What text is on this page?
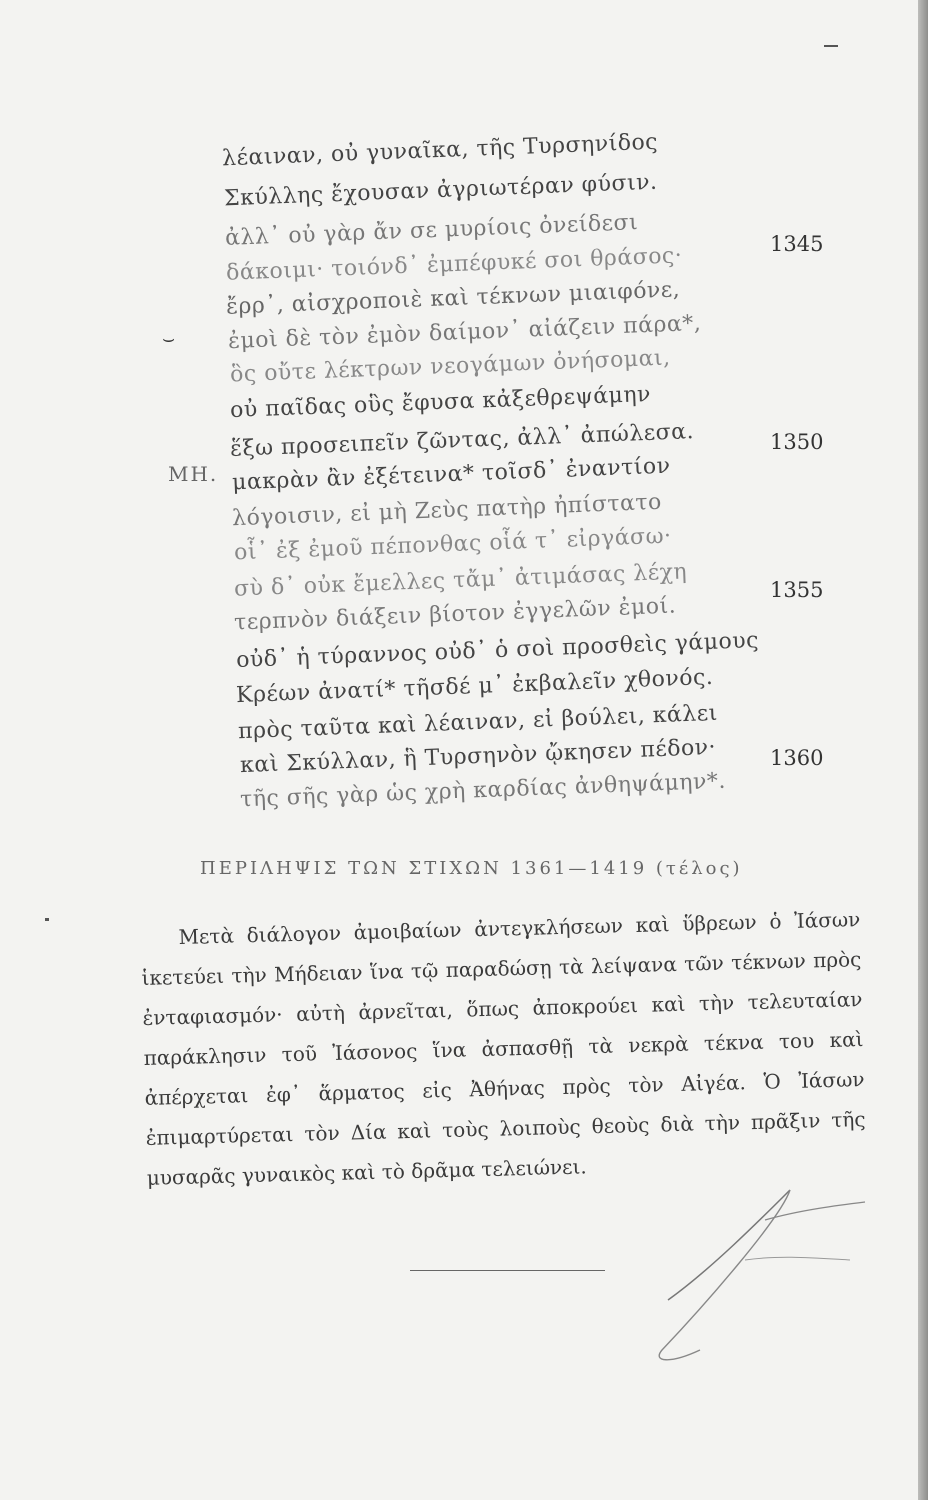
λέαιναν, οὐ γυναῖκα, τῆς Τυρσηνίδος
Σκύλλης ἔχουσαν ἀγριωτέραν φύσιν.
ἀλλ᾽ οὐ γὰρ ἄν σε μυρίοις ὀνείδεσι
δάκοιμι· τοιόνδ᾽ ἐμπέφυκέ σοι θράσος·
ἔρρ᾽, αἰσχροποιὲ καὶ τέκνων μιαιφόνε,
ἐμοὶ δὲ τὸν ἐμὸν δαίμον᾽ αἰάζειν πάρα*,
ὃς οὔτε λέκτρων νεογάμων ὀνήσομαι,
οὐ παῖδας οὓς ἔφυσα κἀξεθρεψάμην
ἕξω προσειπεῖν ζῶντας, ἀλλ᾽ ἀπώλεσα.
μακρὰν ἂν ἐξέτεινα* τοῖσδ᾽ ἐναντίον
λόγοισιν, εἰ μὴ Ζεὺς πατὴρ ἠπίστατο
οἷ᾽ ἐξ ἐμοῦ πέπονθας οἷά τ᾽ εἰργάσω·
σὺ δ᾽ οὐκ ἔμελλες τἄμ᾽ ἀτιμάσας λέχη
τερπνὸν διάξειν βίοτον ἐγγελῶν ἐμοί.
οὐδ᾽ ἡ τύραννος οὐδ᾽ ὁ σοὶ προσθεὶς γάμους
Κρέων ἀνατί* τῆσδέ μ᾽ ἐκβαλεῖν χθονός.
πρὸς ταῦτα καὶ λέαιναν, εἰ βούλει, κάλει
καὶ Σκύλλαν, ἣ Τυρσηνὸν ᾤκησεν πέδον·
τῆς σῆς γὰρ ὡς χρὴ καρδίας ἀνθηψάμην*.
ΜΗ.
⌣
1345
1350
1355
1360
ΠΕΡΙΛΗΨΙΣ ΤΩΝ ΣΤΙΧΩΝ 1361—1419 (τέλος)

Μετὰ διάλογον ἀμοιβαίων ἀντεγκλήσεων καὶ ὕβρεων ὁ Ἰάσων ἱκετεύει τὴν Μήδειαν ἵνα τῷ παραδώσῃ τὰ λείψανα τῶν τέκνων πρὸς ἐνταφιασμόν· αὐτὴ ἀρνεῖται, ὅπως ἀποκρούει καὶ τὴν τελευταίαν παράκλησιν τοῦ Ἰάσονος ἵνα ἀσπασθῇ τὰ νεκρὰ τέκνα του καὶ ἀπέρχεται ἐφ᾽ ἅρματος εἰς Ἀθήνας πρὸς τὸν Αἰγέα. Ὁ Ἰάσων ἐπιμαρτύρεται τὸν Δία καὶ τοὺς λοιποὺς θεοὺς διὰ τὴν πρᾶξιν τῆς μυσαρᾶς γυναικὸς καὶ τὸ δρᾶμα τελειώνει.
